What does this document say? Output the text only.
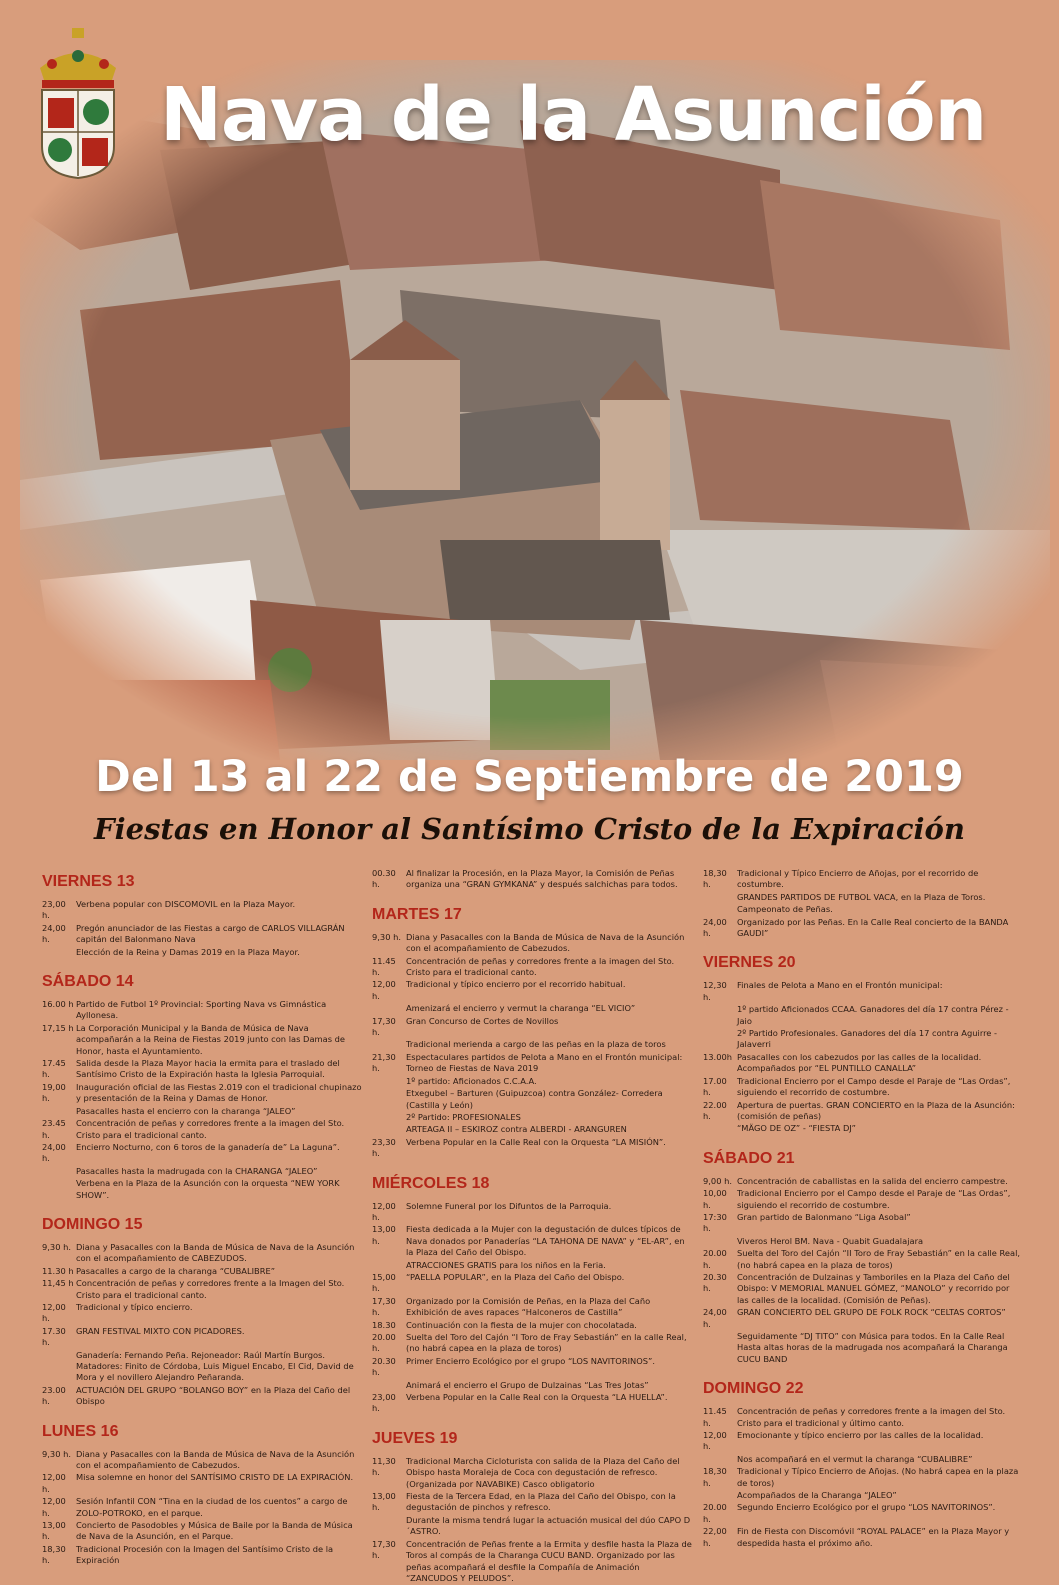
Nava de la Asunción
Del 13 al 22 de Septiembre de 2019
Fiestas en Honor al Santísimo Cristo de la Expiración
VIERNES 13
23,00 h.
Verbena popular con DISCOMOVIL en la Plaza Mayor.
24,00 h.
Pregón anunciador de las Fiestas a cargo de CARLOS VILLAGRÁN capitán del Balonmano Nava
Elección de la Reina y Damas 2019 en la Plaza Mayor.
SÁBADO 14
16.00 h Partido de Futbol 1º Provincial: Sporting Nava vs Gimnástica Ayllonesa.
17,15 h La Corporación Municipal y la Banda de Música de Nava acompañarán a la Reina de Fiestas 2019 junto con las Damas de Honor, hasta el Ayuntamiento.
17.45 h.
Salida desde la Plaza Mayor hacia la ermita para el traslado del Santísimo Cristo de la Expiración hasta la Iglesia Parroquial.
19,00 h.
Inauguración oficial de las Fiestas 2.019 con el tradicional chupinazo y presentación de la Reina y Damas de Honor.
Pasacalles hasta el encierro con la charanga “JALEO”
23.45 h.
Concentración de peñas y corredores frente a la imagen del Sto. Cristo para el tradicional canto.
24,00 h.
Encierro Nocturno, con 6 toros de la ganadería de” La Laguna”.
Pasacalles hasta la madrugada con la CHARANGA “JALEO”
Verbena en la Plaza de la Asunción con la orquesta “NEW YORK SHOW”.
DOMINGO 15
9,30 h. Diana y Pasacalles con la Banda de Música de Nava de la Asunción con el acompañamiento de CABEZUDOS.
11.30 h Pasacalles a cargo de la charanga “CUBALIBRE”
11,45 h Concentración de peñas y corredores frente a la Imagen del Sto. Cristo para el tradicional canto.
12,00 h.
Tradicional y típico encierro.
17.30 h.
GRAN FESTIVAL MIXTO CON PICADORES.
Ganadería: Fernando Peña. Rejoneador: Raúl Martín Burgos. Matadores: Finito de Córdoba, Luis Miguel Encabo, El Cid, David de Mora y el novillero Alejandro Peñaranda.
23.00 h.
ACTUACIÓN DEL GRUPO “BOLANGO BOY” en la Plaza del Caño del Obispo
LUNES 16
9,30 h. Diana y Pasacalles con la Banda de Música de Nava de la Asunción con el acompañamiento de Cabezudos.
12,00 h.
Misa solemne en honor del SANTÍSIMO CRISTO DE LA EXPIRACIÓN.
12,00 h.
Sesión Infantil CON “Tina en la ciudad de los cuentos” a cargo de ZOLO-POTROKO, en el parque.
13,00 h.
Concierto de Pasodobles y Música de Baile por la Banda de Música de Nava de la Asunción, en el Parque.
18,30 h.
Tradicional Procesión con la Imagen del Santísimo Cristo de la Expiración
00.30 h.
Al finalizar la Procesión, en la Plaza Mayor, la Comisión de Peñas organiza una “GRAN GYMKANA” y después salchichas para todos.
MARTES 17
9,30 h. Diana y Pasacalles con la Banda de Música de Nava de la Asunción con el acompañamiento de Cabezudos.
11.45 h.
Concentración de peñas y corredores frente a la imagen del Sto. Cristo para el tradicional canto.
12,00 h.
Tradicional y típico encierro por el recorrido habitual.
Amenizará el encierro y vermut la charanga “EL VICIO”
17,30 h.
Gran Concurso de Cortes de Novillos
Tradicional merienda a cargo de las peñas en la plaza de toros
21,30 h.
Espectaculares partidos de Pelota a Mano en el Frontón municipal: Torneo de Fiestas de Nava 2019
1º partido: Aficionados C.C.A.A.
Etxegubel – Barturen (Guipuzcoa) contra González- Corredera (Castilla y León)
2º Partido: PROFESIONALES
ARTEAGA II – ESKIROZ contra ALBERDI - ARANGUREN
23,30 h.
Verbena Popular en la Calle Real con la Orquesta “LA MISIÓN”.
MIÉRCOLES 18
12,00 h.
Solemne Funeral por los Difuntos de la Parroquia.
13,00 h.
Fiesta dedicada a la Mujer con la degustación de dulces típicos de Nava donados por Panaderías “LA TAHONA DE NAVA” y “EL-AR”, en la Plaza del Caño del Obispo.
ATRACCIONES GRATIS para los niños en la Feria.
15,00 h.
“PAELLA POPULAR”, en la Plaza del Caño del Obispo.
17,30 h.
Organizado por la Comisión de Peñas, en la Plaza del Caño Exhibición de aves rapaces “Halconeros de Castilla”
18.30	Continuación con la fiesta de la mujer con chocolatada.
20.00 h.
Suelta del Toro del Cajón “I Toro de Fray Sebastián” en la calle Real, (no habrá capea en la plaza de toros)
20.30 h.
Primer Encierro Ecológico por el grupo “LOS NAVITORINOS”.
Animará el encierro el Grupo de Dulzainas “Las Tres Jotas”
23,00 h.
Verbena Popular en la Calle Real con la Orquesta “LA HUELLA”.
JUEVES 19
11,30 h.
Tradicional Marcha Cicloturista con salida de la Plaza del Caño del Obispo hasta Moraleja de Coca con degustación de refresco. (Organizada por NAVABIKE) Casco obligatorio
13,00 h.
Fiesta de la Tercera Edad, en la Plaza del Caño del Obispo, con la degustación de pinchos y refresco.
Durante la misma tendrá lugar la actuación musical del dúo CAPO D´ASTRO.
17,30 h.
Concentración de Peñas frente a la Ermita y desfile hasta la Plaza de Toros al compás de la Charanga CUCU BAND. Organizado por las peñas acompañará el desfile la Compañía de Animación “ZANCUDOS Y PELUDOS”.
18,30 h.
Tradicional y Típico Encierro de Añojas, por el recorrido de costumbre.
GRANDES PARTIDOS DE FUTBOL VACA, en la Plaza de Toros.
Campeonato de Peñas.
24,00 h.
Organizado por las Peñas. En la Calle Real concierto de la BANDA GAUDI”
VIERNES 20
12,30 h.
Finales de Pelota a Mano en el Frontón municipal:
1º partido Aficionados CCAA. Ganadores del día 17 contra Pérez - Jaio
2º Partido Profesionales. Ganadores del día 17 contra Aguirre - Jalaverri
13.00h Pasacalles con los cabezudos por las calles de la localidad. Acompañados por “EL PUNTILLO CANALLA”
17.00 h.
Tradicional Encierro por el Campo desde el Paraje de “Las Ordas”, siguiendo el recorrido de costumbre.
22.00 h.
Apertura de puertas. GRAN CONCIERTO en la Plaza de la Asunción: (comisión de peñas)
“MÄGO DE OZ” - “FIESTA DJ”
SÁBADO 21
9,00 h. Concentración de caballistas en la salida del encierro campestre.
10,00 h.
Tradicional Encierro por el Campo desde el Paraje de “Las Ordas”, siguiendo el recorrido de costumbre.
17:30 h.
Gran partido de Balonmano “Liga Asobal”
Viveros Herol BM. Nava - Quabit Guadalajara
20.00 h.
Suelta del Toro del Cajón “II Toro de Fray Sebastián” en la calle Real, (no habrá capea en la plaza de toros)
20.30 h.
Concentración de Dulzainas y Tamboriles en la Plaza del Caño del Obispo: V MEMORIAL MANUEL GÓMEZ, “MANOLO” y recorrido por las calles de la localidad. (Comisión de Peñas).
24,00 h.
GRAN CONCIERTO DEL GRUPO DE FOLK ROCK “CELTAS CORTOS”
Seguidamente “DJ TITO” con Música para todos. En la Calle Real Hasta altas horas de la madrugada nos acompañará la Charanga CUCU BAND
DOMINGO 22
11.45 h.
Concentración de peñas y corredores frente a la imagen del Sto. Cristo para el tradicional y último canto.
12,00 h.
Emocionante y típico encierro por las calles de la localidad.
Nos acompañará en el vermut la charanga “CUBALIBRE”
18,30 h.
Tradicional y Típico Encierro de Añojas. (No habrá capea en la plaza de toros)
Acompañados de la Charanga “JALEO”
20.00 h.
Segundo Encierro Ecológico por el grupo “LOS NAVITORINOS”.
22,00 h.
Fin de Fiesta con Discomóvil “ROYAL PALACE” en la Plaza Mayor y despedida hasta el próximo año.
